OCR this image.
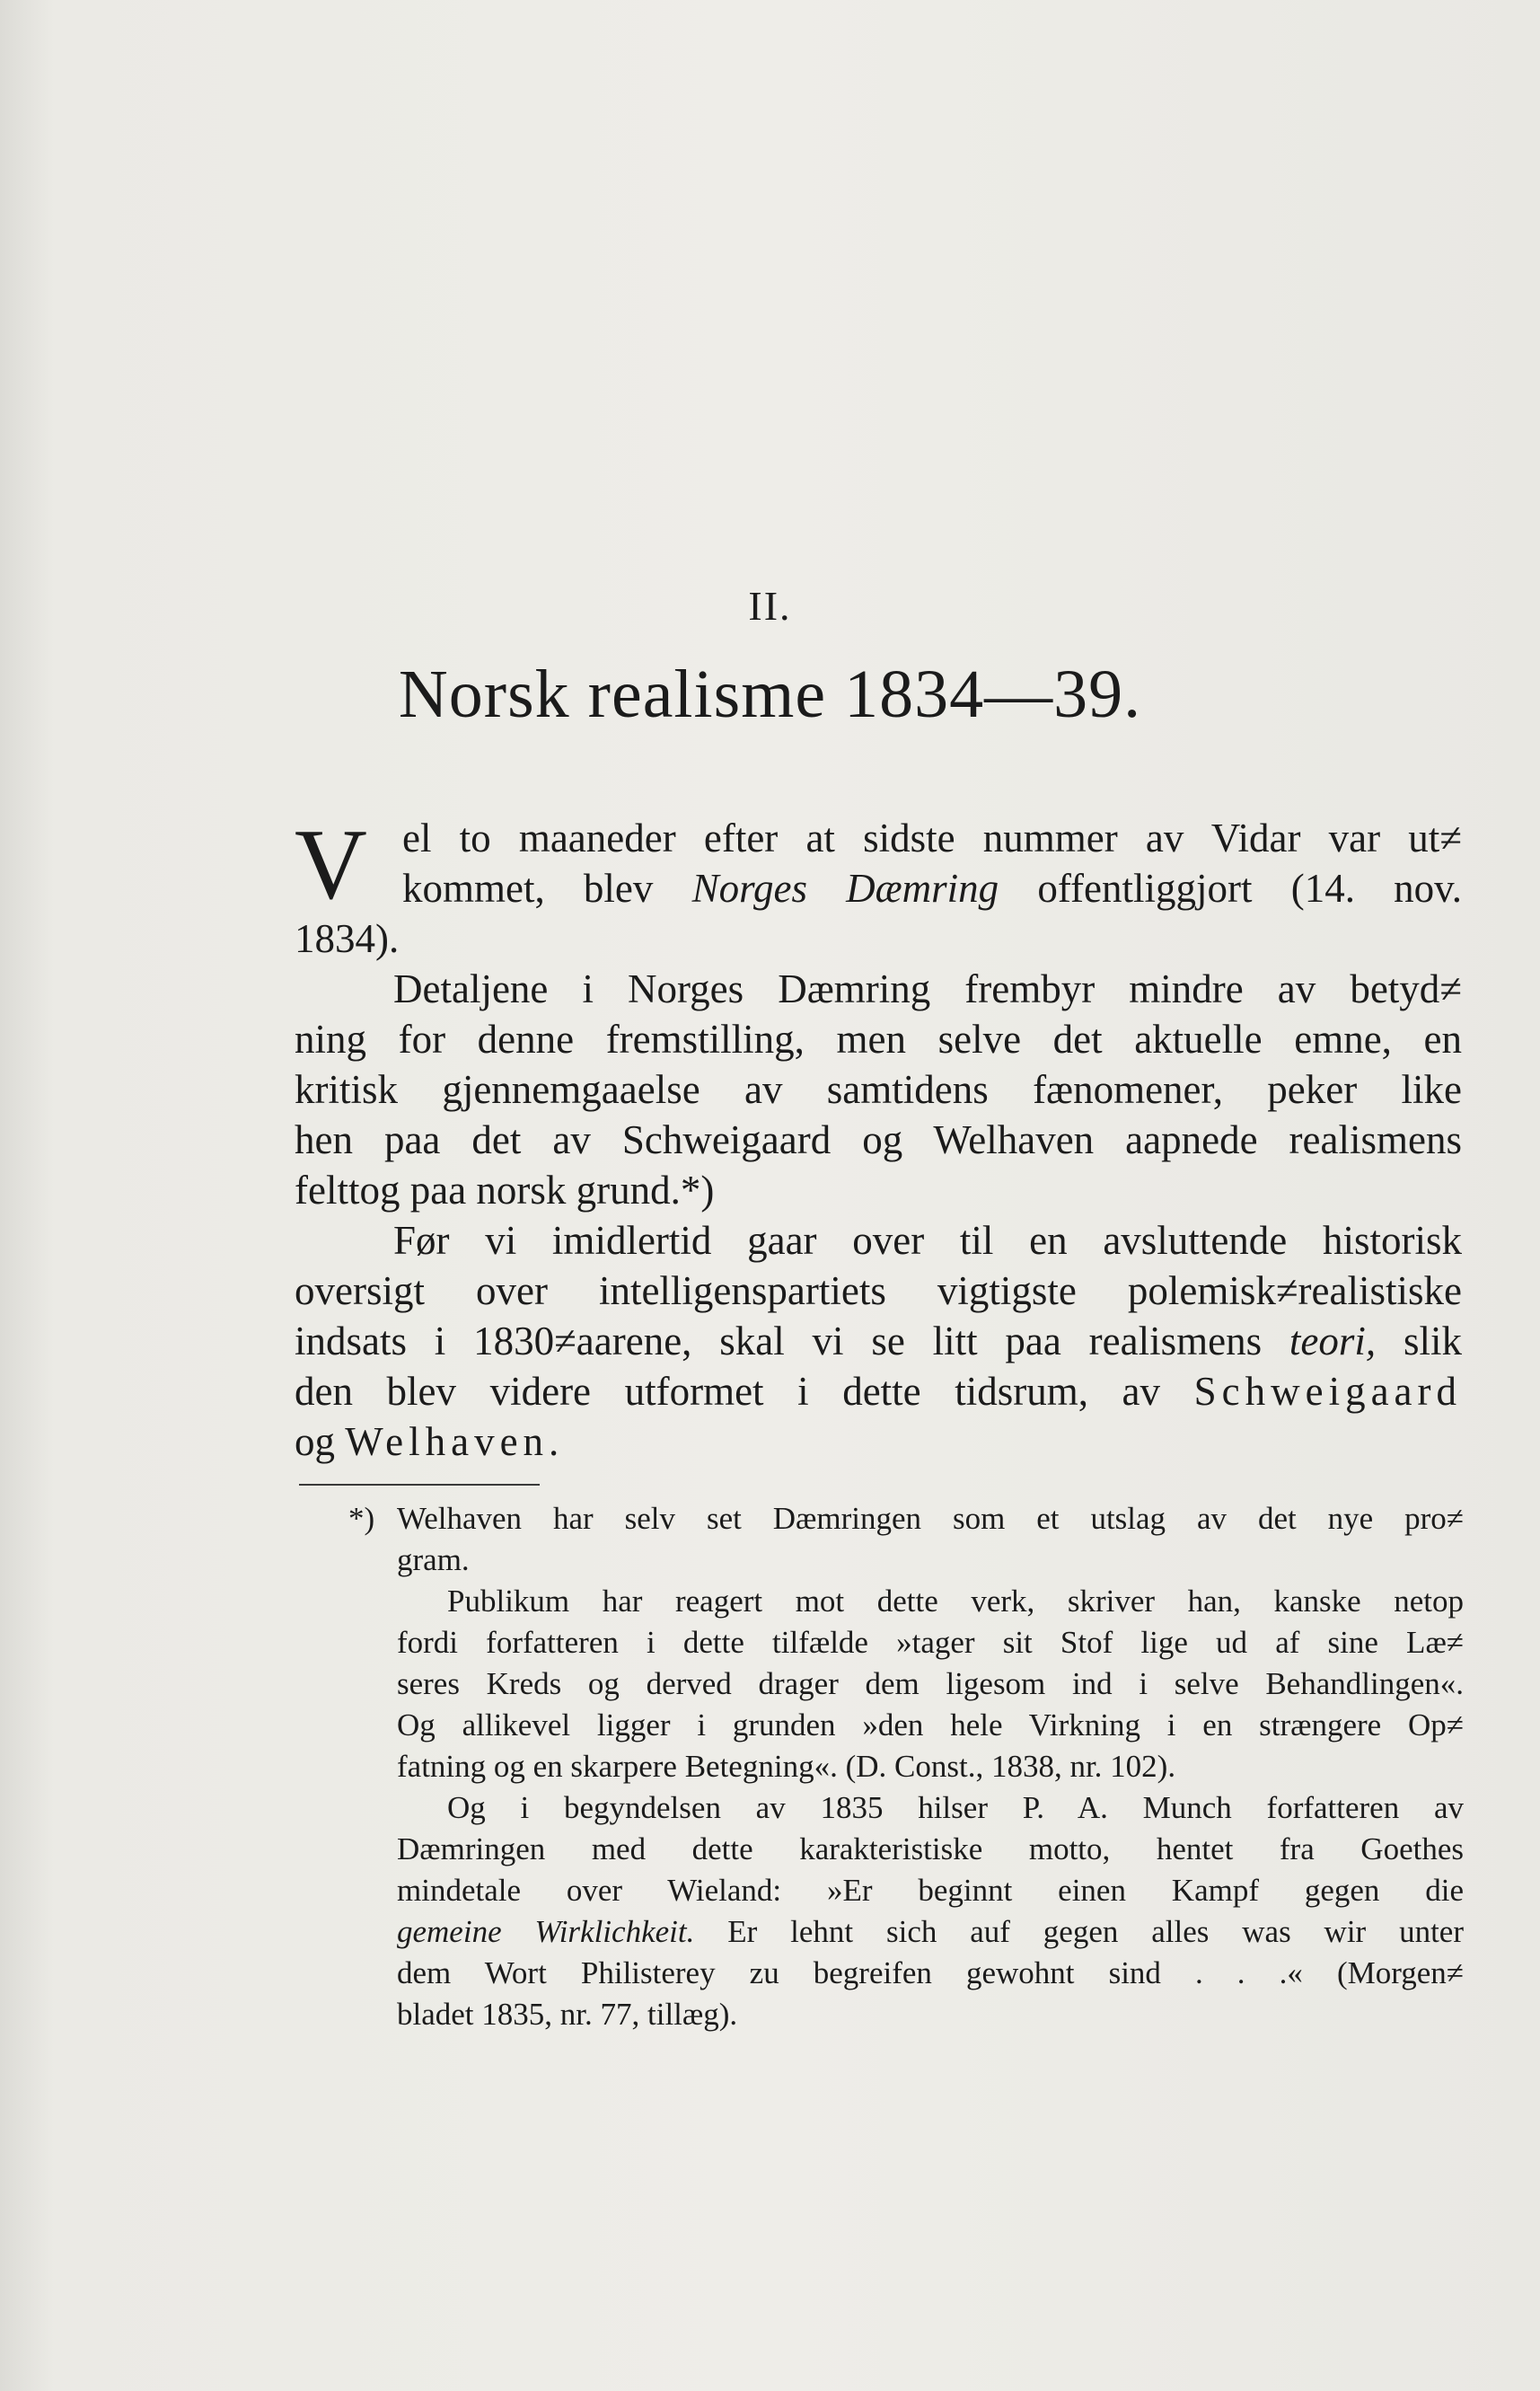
II.
Norsk realisme 1834—39.
V el to maaneder efter at sidste nummer av Vidar var ut≠
kommet, blev Norges Dæmring offentliggjort (14. nov.
1834).
Detaljene i Norges Dæmring frembyr mindre av betyd≠
ning for denne fremstilling, men selve det aktuelle emne, en
kritisk gjennemgaaelse av samtidens fænomener, peker like
hen paa det av Schweigaard og Welhaven aapnede realismens
felttog paa norsk grund.*)
Før vi imidlertid gaar over til en avsluttende historisk
oversigt over intelligenspartiets vigtigste polemisk≠realistiske
indsats i 1830≠aarene, skal vi se litt paa realismens teori, slik
den blev videre utformet i dette tidsrum, av Schweigaard
og Welhaven.
*) Welhaven har selv set Dæmringen som et utslag av det nye pro≠
gram.
Publikum har reagert mot dette verk, skriver han, kanske netop
fordi forfatteren i dette tilfælde »tager sit Stof lige ud af sine Læ≠
seres Kreds og derved drager dem ligesom ind i selve Behandlingen«.
Og allikevel ligger i grunden »den hele Virkning i en strængere Op≠
fatning og en skarpere Betegning«. (D. Const., 1838, nr. 102).
Og i begyndelsen av 1835 hilser P. A. Munch forfatteren av
Dæmringen med dette karakteristiske motto, hentet fra Goethes
mindetale over Wieland: »Er beginnt einen Kampf gegen die
gemeine Wirklichkeit. Er lehnt sich auf gegen alles was wir unter
dem Wort Philisterey zu begreifen gewohnt sind . . .« (Morgen≠
bladet 1835, nr. 77, tillæg).
